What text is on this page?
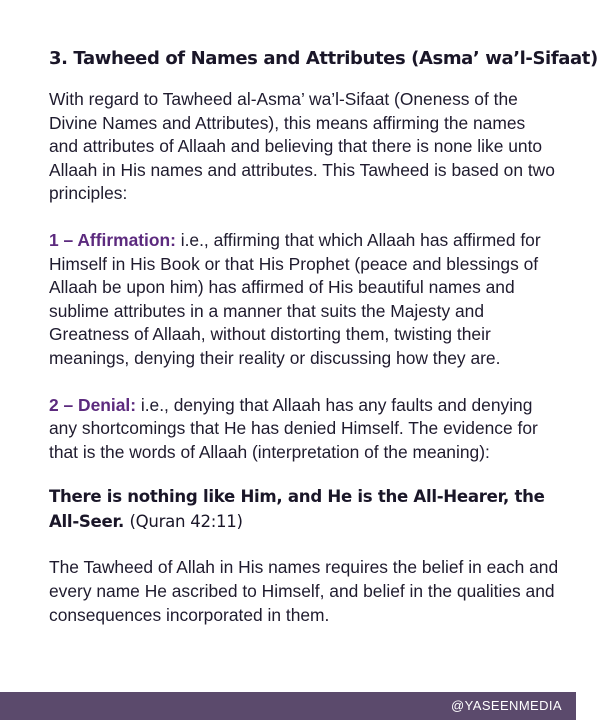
3. Tawheed of Names and Attributes (Asma’ wa’l-Sifaat)

With regard to Tawheed al-Asma’ wa’l-Sifaat (Oneness of the Divine Names and Attributes), this means affirming the names and attributes of Allaah and believing that there is none like unto Allaah in His names and attributes. This Tawheed is based on two principles:

1 – Affirmation: i.e., affirming that which Allaah has affirmed for Himself in His Book or that His Prophet (peace and blessings of Allaah be upon him) has affirmed of His beautiful names and sublime attributes in a manner that suits the Majesty and Greatness of Allaah, without distorting them, twisting their meanings, denying their reality or discussing how they are.

2 – Denial: i.e., denying that Allaah has any faults and denying any shortcomings that He has denied Himself. The evidence for that is the words of Allaah (interpretation of the meaning):

There is nothing like Him, and He is the All-Hearer, the All-Seer. (Quran 42:11)

The Tawheed of Allah in His names requires the belief in each and every name He ascribed to Himself, and belief in the qualities and consequences incorporated in them.

@YASEENMEDIA
